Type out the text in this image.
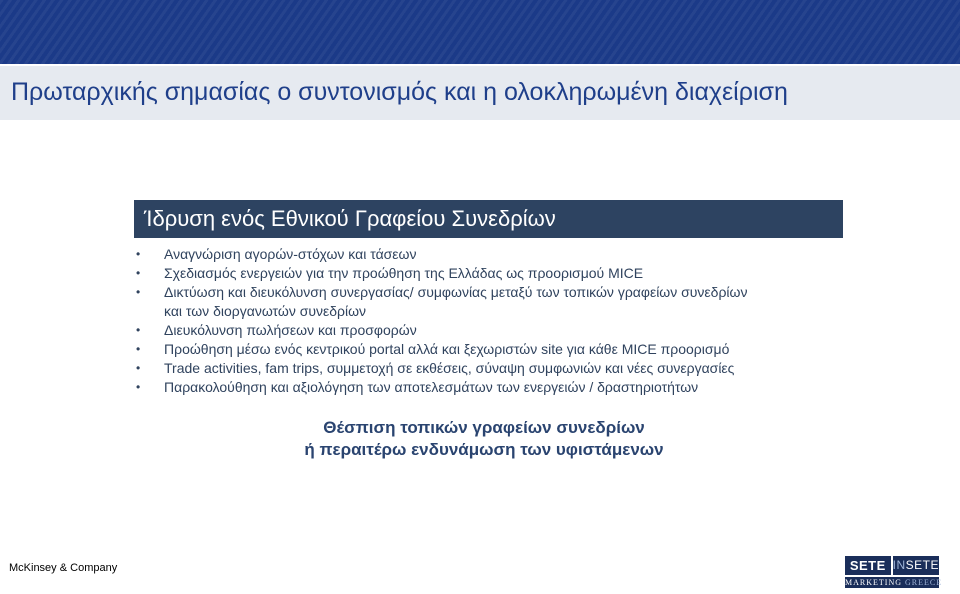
Πρωταρχικής σημασίας ο συντονισμός και η ολοκληρωμένη διαχείριση
Ίδρυση ενός Εθνικού Γραφείου Συνεδρίων
• Αναγνώριση αγορών-στόχων και τάσεων
• Σχεδιασμός ενεργειών για την προώθηση της Ελλάδας ως προορισμού MICE
• Δικτύωση και διευκόλυνση συνεργασίας/ συμφωνίας μεταξύ των τοπικών γραφείων συνεδρίων
και των διοργανωτών συνεδρίων
• Διευκόλυνση πωλήσεων και προσφορών
• Προώθηση μέσω ενός κεντρικού portal αλλά και ξεχωριστών site για κάθε MICE προορισμό
• Trade activities, fam trips, συμμετοχή σε εκθέσεις, σύναψη συμφωνιών και νέες συνεργασίες
• Παρακολούθηση και αξιολόγηση των αποτελεσμάτων των ενεργειών / δραστηριοτήτων
Θέσπιση τοπικών γραφείων συνεδρίων
ή περαιτέρω ενδυνάμωση των υφιστάμενων
McKinsey & Company	SETE INSETE
MARKETING GREECE
